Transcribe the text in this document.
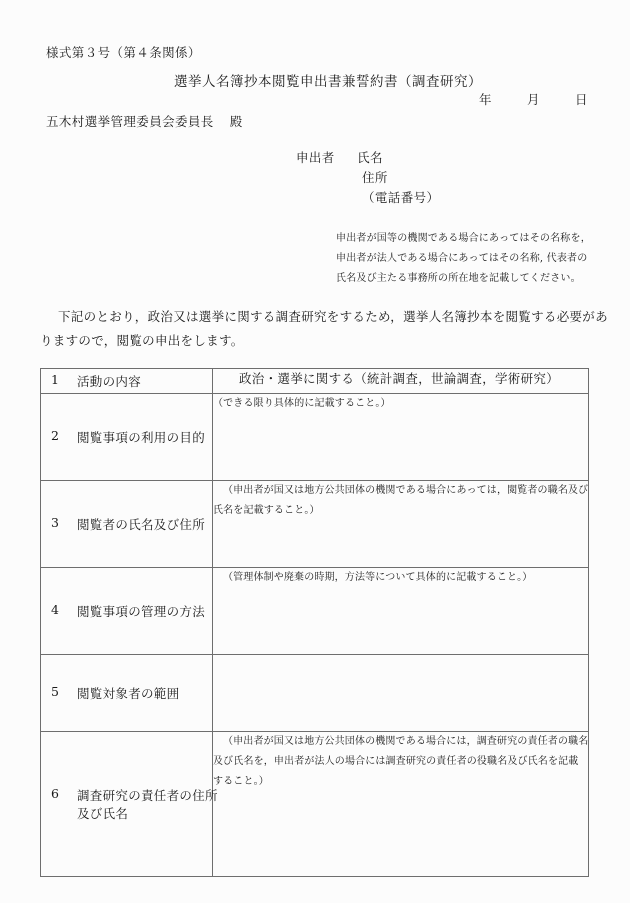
様式第３号（第４条関係）
選挙人名簿抄本閲覧申出書兼誓約書（調査研究）
年	月	日
五木村選挙管理委員会委員長 殿
申出者 氏名
住所
（電話番号）
申出者が国等の機関である場合にあってはその名称を，
申出者が法人である場合にあってはその名称, 代表者の
氏名及び主たる事務所の所在地を記載してください。
下記のとおり，政治又は選挙に関する調査研究をするため，選挙人名簿抄本を閲覧する必要があ
りますので，閲覧の申出をします。
1 活動の内容	政治・選挙に関する（統計調査，世論調査，学術研究）

2 閲覧事項の利用の目的	（できる限り具体的に記載すること。）

3 閲覧者の氏名及び住所	（申出者が国又は地方公共団体の機関である場合にあっては，閲覧者の職名及び
氏名を記載すること。）

4 閲覧事項の管理の方法	（管理体制や廃棄の時期，方法等について具体的に記載すること。）

5 閲覧対象者の範囲	

6 調査研究の責任者の住所
及び氏名	（申出者が国又は地方公共団体の機関である場合には，調査研究の責任者の職名
及び氏名を，申出者が法人の場合には調査研究の責任者の役職名及び氏名を記載
すること。）
